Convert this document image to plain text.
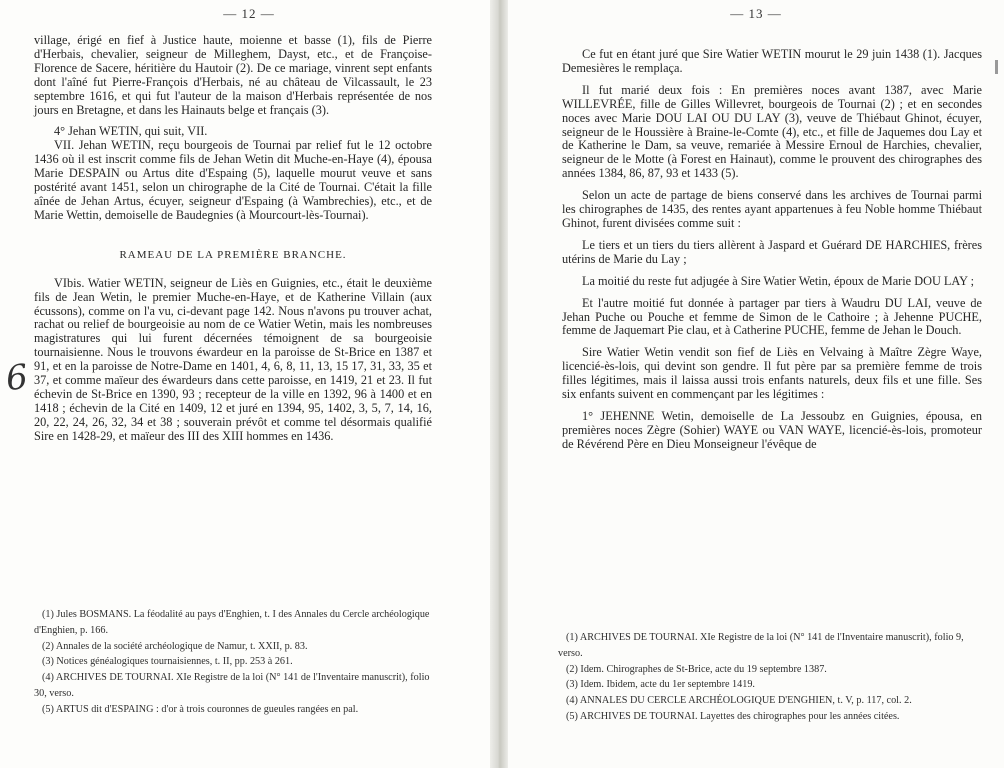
— 12 —
6

village, érigé en fief à Justice haute, moienne et basse (1), fils de Pierre d'Herbais, chevalier, seigneur de Milleghem, Dayst, etc., et de Françoise-Florence de Sacere, héritière du Hautoir (2). De ce mariage, vinrent sept enfants dont l'aîné fut Pierre-François d'Herbais, né au château de Vilcassault, le 23 septembre 1616, et qui fut l'auteur de la maison d'Herbais représentée de nos jours en Bretagne, et dans les Hainauts belge et français (3).

4° Jehan WETIN, qui suit, VII.

VII. Jehan WETIN, reçu bourgeois de Tournai par relief fut le 12 octobre 1436 où il est inscrit comme fils de Jehan Wetin dit Muche-en-Haye (4), épousa Marie DESPAIN ou Artus dite d'Espaing (5), laquelle mourut veuve et sans postérité avant 1451, selon un chirographe de la Cité de Tournai. C'était la fille aînée de Jehan Artus, écuyer, seigneur d'Espaing (à Wambrechies), etc., et de Marie Wettin, demoiselle de Baudegnies (à Mourcourt-lès-Tournai).

RAMEAU DE LA PREMIÈRE BRANCHE.

VIbis. Watier WETIN, seigneur de Liès en Guignies, etc., était le deuxième fils de Jean Wetin, le premier Muche-en-Haye, et de Katherine Villain (aux écussons), comme on l'a vu, ci-devant page 142. Nous n'avons pu trouver achat, rachat ou relief de bourgeoisie au nom de ce Watier Wetin, mais les nombreuses magistratures qui lui furent décernées témoignent de sa bourgeoisie tournaisienne. Nous le trouvons éwardeur en la paroisse de St-Brice en 1387 et 91, et en la paroisse de Notre-Dame en 1401, 4, 6, 8, 11, 13, 15 17, 31, 33, 35 et 37, et comme maïeur des éwardeurs dans cette paroisse, en 1419, 21 et 23. Il fut échevin de St-Brice en 1390, 93 ; recepteur de la ville en 1392, 96 à 1400 et en 1418 ; échevin de la Cité en 1409, 12 et juré en 1394, 95, 1402, 3, 5, 7, 14, 16, 20, 22, 24, 26, 32, 34 et 38 ; souverain prévôt et comme tel désormais qualifié Sire en 1428-29, et maïeur des III des XIII hommes en 1436.

(1) Jules BOSMANS. La féodalité au pays d'Enghien, t. I des Annales du Cercle archéologique d'Enghien, p. 166.

(2) Annales de la société archéologique de Namur, t. XXII, p. 83.

(3) Notices généalogiques tournaisiennes, t. II, pp. 253 à 261.

(4) ARCHIVES DE TOURNAI. XIe Registre de la loi (N° 141 de l'Inventaire manuscrit), folio 30, verso.

(5) ARTUS dit d'ESPAING : d'or à trois couronnes de gueules rangées en pal.

— 13 —

Ce fut en étant juré que Sire Watier WETIN mourut le 29 juin 1438 (1). Jacques Demesières le remplaça.

Il fut marié deux fois : En premières noces avant 1387, avec Marie WILLEVRÉE, fille de Gilles Willevret, bourgeois de Tournai (2) ; et en secondes noces avec Marie DOU LAI OU DU LAY (3), veuve de Thiébaut Ghinot, écuyer, seigneur de le Houssière à Braine-le-Comte (4), etc., et fille de Jaquemes dou Lay et de Katherine le Dam, sa veuve, remariée à Messire Ernoul de Harchies, chevalier, seigneur de le Motte (à Forest en Hainaut), comme le prouvent des chirographes des années 1384, 86, 87, 93 et 1433 (5).

Selon un acte de partage de biens conservé dans les archives de Tournai parmi les chirographes de 1435, des rentes ayant appartenues à feu Noble homme Thiébaut Ghinot, furent divisées comme suit :

Le tiers et un tiers du tiers allèrent à Jaspard et Guérard DE HARCHIES, frères utérins de Marie du Lay ;

La moitié du reste fut adjugée à Sire Watier Wetin, époux de Marie DOU LAY ;

Et l'autre moitié fut donnée à partager par tiers à Waudru DU LAI, veuve de Jehan Puche ou Pouche et femme de Simon de le Cathoire ; à Jehenne PUCHE, femme de Jaquemart Pie clau, et à Catherine PUCHE, femme de Jehan le Douch.

Sire Watier Wetin vendit son fief de Liès en Velvaing à Maître Zègre Waye, licencié-ès-lois, qui devint son gendre. Il fut père par sa première femme de trois filles légitimes, mais il laissa aussi trois enfants naturels, deux fils et une fille. Ses six enfants suivent en commençant par les légitimes :

1° JEHENNE Wetin, demoiselle de La Jessoubz en Guignies, épousa, en premières noces Zègre (Sohier) WAYE ou VAN WAYE, licencié-ès-lois, promoteur de Révérend Père en Dieu Monseigneur l'évêque de

(1) ARCHIVES DE TOURNAI. XIe Registre de la loi (N° 141 de l'Inventaire manuscrit), folio 9, verso.

(2) Idem. Chirographes de St-Brice, acte du 19 septembre 1387.

(3) Idem. Ibidem, acte du 1er septembre 1419.

(4) ANNALES DU CERCLE ARCHÉOLOGIQUE D'ENGHIEN, t. V, p. 117, col. 2.

(5) ARCHIVES DE TOURNAI. Layettes des chirographes pour les années citées.
